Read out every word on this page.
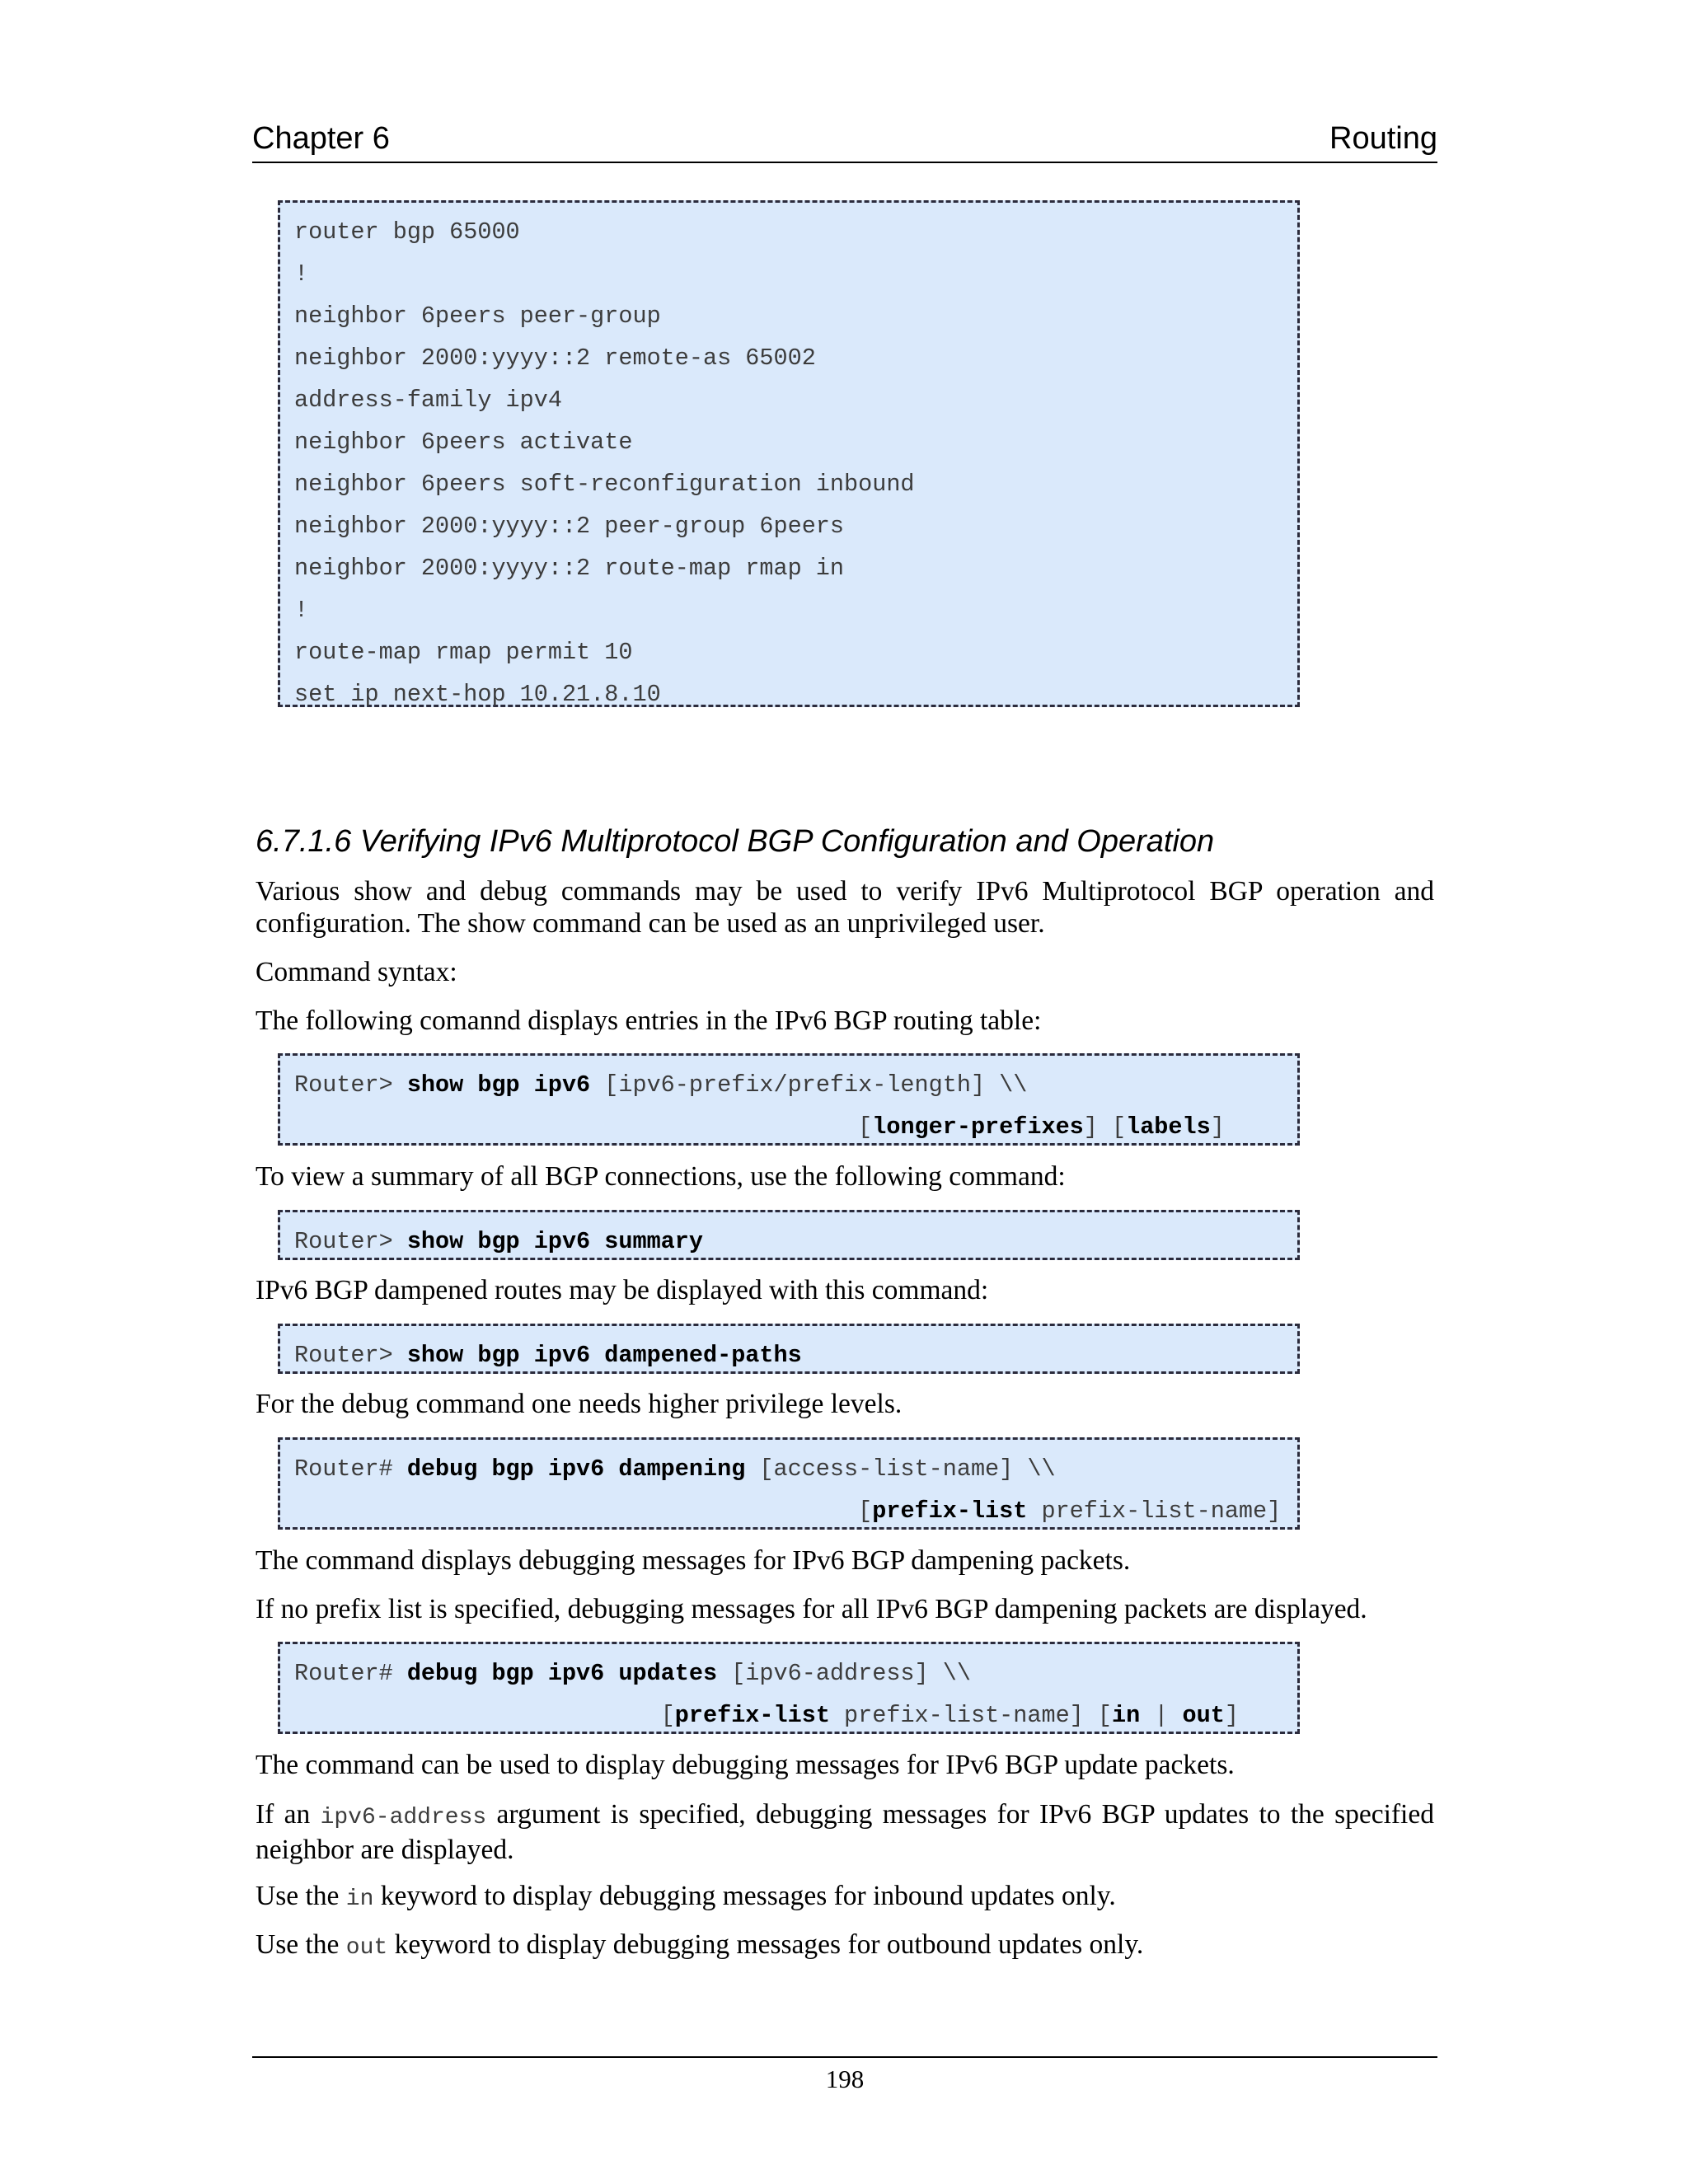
Chapter 6	Routing
router bgp 65000
!
neighbor 6peers peer-group
neighbor 2000:yyyy::2 remote-as 65002
address-family ipv4
neighbor 6peers activate
neighbor 6peers soft-reconfiguration inbound
neighbor 2000:yyyy::2 peer-group 6peers
neighbor 2000:yyyy::2 route-map rmap in
!
route-map rmap permit 10
set ip next-hop 10.21.8.10
6.7.1.6 Verifying IPv6 Multiprotocol BGP Configuration and Operation
Various show and debug commands may be used to verify IPv6 Multiprotocol BGP operation and configuration. The show command can be used as an unprivileged user.
Command syntax:
The following comannd displays entries in the IPv6 BGP routing table:
Router> show bgp ipv6 [ipv6-prefix/prefix-length] \\
[longer-prefixes] [labels]
To view a summary of all BGP connections, use the following command:
Router> show bgp ipv6 summary
IPv6 BGP dampened routes may be displayed with this command:
Router> show bgp ipv6 dampened-paths
For the debug command one needs higher privilege levels.
Router# debug bgp ipv6 dampening [access-list-name] \\
[prefix-list prefix-list-name]
The command displays debugging messages for IPv6 BGP dampening packets.
If no prefix list is specified, debugging messages for all IPv6 BGP dampening packets are displayed.
Router# debug bgp ipv6 updates [ipv6-address] \\
[prefix-list prefix-list-name] [in | out]
The command can be used to display debugging messages for IPv6 BGP update packets.
If an ipv6-address argument is specified, debugging messages for IPv6 BGP updates to the specified neighbor are displayed.
Use the in keyword to display debugging messages for inbound updates only.
Use the out keyword to display debugging messages for outbound updates only.
198
